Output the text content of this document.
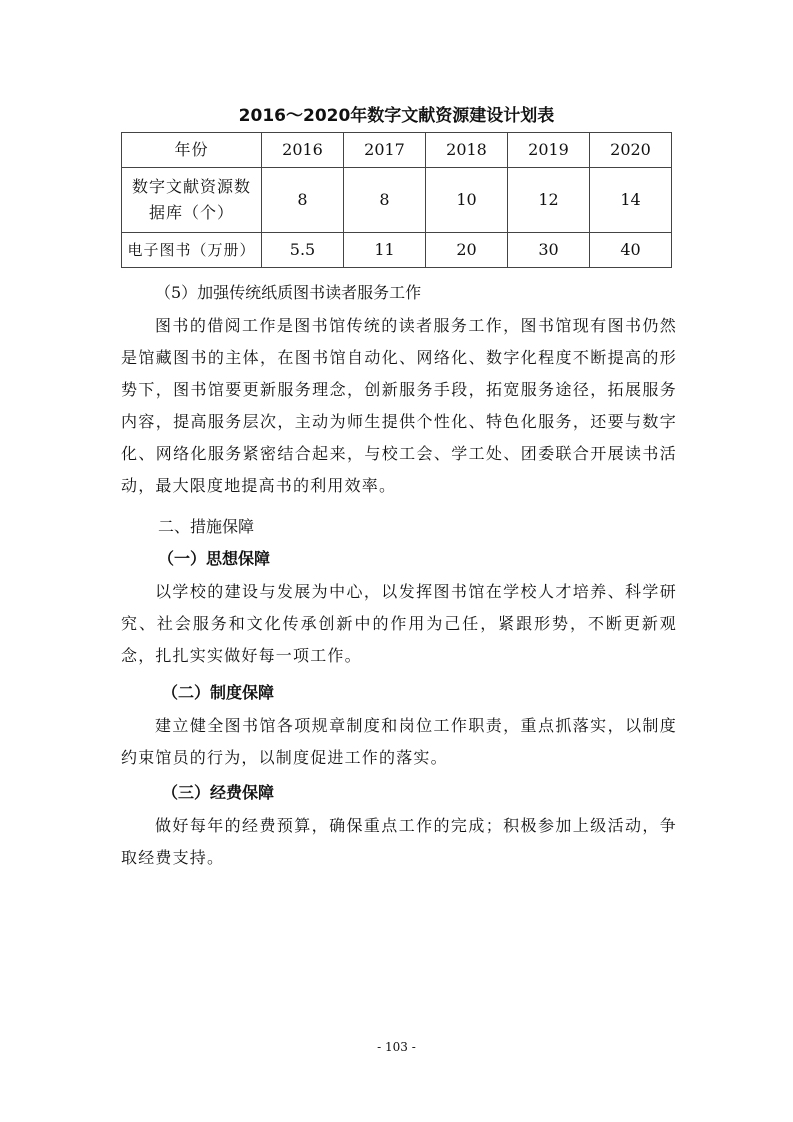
2016～2020年数字文献资源建设计划表
年份	2016	2017	2018	2019	2020
数字文献资源数据库（个）	8	8	10	12	14
电子图书（万册）	5.5	11	20	30	40
（5）加强传统纸质图书读者服务工作
图书的借阅工作是图书馆传统的读者服务工作，图书馆现有图书仍然是馆藏图书的主体，在图书馆自动化、网络化、数字化程度不断提高的形势下，图书馆要更新服务理念，创新服务手段，拓宽服务途径，拓展服务内容，提高服务层次，主动为师生提供个性化、特色化服务，还要与数字化、网络化服务紧密结合起来，与校工会、学工处、团委联合开展读书活动，最大限度地提高书的利用效率。
二、措施保障
（一）思想保障
以学校的建设与发展为中心，以发挥图书馆在学校人才培养、科学研究、社会服务和文化传承创新中的作用为己任，紧跟形势，不断更新观念，扎扎实实做好每一项工作。
（二）制度保障
建立健全图书馆各项规章制度和岗位工作职责，重点抓落实，以制度约束馆员的行为，以制度促进工作的落实。
（三）经费保障
做好每年的经费预算，确保重点工作的完成；积极参加上级活动，争取经费支持。
- 103 -
